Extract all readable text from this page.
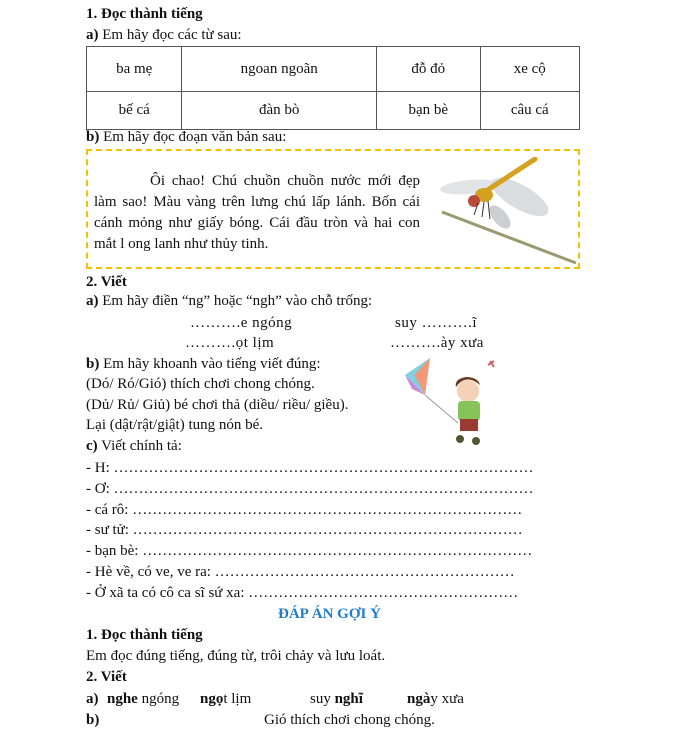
1. Đọc thành tiếng
a) Em hãy đọc các từ sau:
ba mẹ	ngoan ngoãn	đỗ đỏ	xe cộ
bế cá	đàn bò	bạn bè	câu cá
b) Em hãy đọc đoạn văn bản sau:

Ôi chao! Chú chuồn chuồn nước mới đẹp làm sao! Màu vàng trên lưng chú lấp lánh. Bốn cái cánh mỏng như giấy bóng. Cái đầu tròn và hai con mắt l ong lanh như thủy tinh.

2. Viết
a) Em hãy điền “ng” hoặc “ngh” vào chỗ trống:
……….e ngóng	suy ……….ĩ
……….ọt lịm	……….ày xưa
b) Em hãy khoanh vào tiếng viết đúng:
(Dó/ Ró/Gió) thích chơi chong chóng.
(Dủ/ Rủ/ Giủ) bé chơi thả (diều/ riều/ giều).
Lại (dật/rật/giật) tung nón bé.
c) Viết chính tả:
- H: …………………………………………………………………………
- Ơ: …………………………………………………………………………
- cá rô: ……………………………………………………………………
- sư tử: ……………………………………………………………………
- bạn bè: ……………………………………………………………………
- Hè về, có ve, ve ra: ……………………………………………………
- Ở xã ta có cô ca sĩ sứ xa: ………………………………………………
ĐÁP ÁN GỢI Ý
1. Đọc thành tiếng
Em đọc đúng tiếng, đúng từ, trôi chảy và lưu loát.
2. Viết
a) nghe ngóng ngọt lịm	suy nghĩ	ngày xưa
b)	Gió thích chơi chong chóng.
